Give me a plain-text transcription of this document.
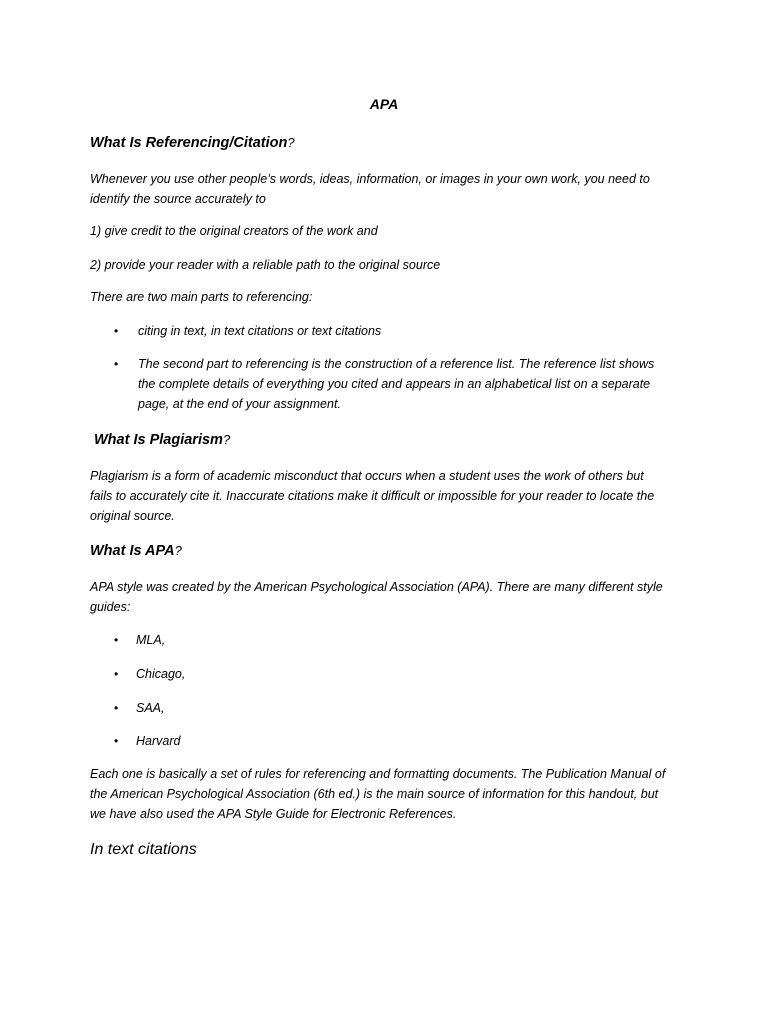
APA

What Is Referencing/Citation?

Whenever you use other people’s words, ideas, information, or images in your own work, you need to

identify the source accurately to

1) give credit to the original creators of the work and

2) provide your reader with a reliable path to the original source

There are two main parts to referencing:

• citing in text, in text citations or text citations

• The second part to referencing is the construction of a reference list. The reference list shows

the complete details of everything you cited and appears in an alphabetical list on a separate

page, at the end of your assignment.

What Is Plagiarism?

Plagiarism is a form of academic misconduct that occurs when a student uses the work of others but

fails to accurately cite it. Inaccurate citations make it difficult or impossible for your reader to locate the

original source.

What Is APA?

APA style was created by the American Psychological Association (APA). There are many different style

guides:

• MLA,

• Chicago,

• SAA,

• Harvard

Each one is basically a set of rules for referencing and formatting documents. The Publication Manual of

the American Psychological Association (6th ed.) is the main source of information for this handout, but

we have also used the APA Style Guide for Electronic References.

In text citations
